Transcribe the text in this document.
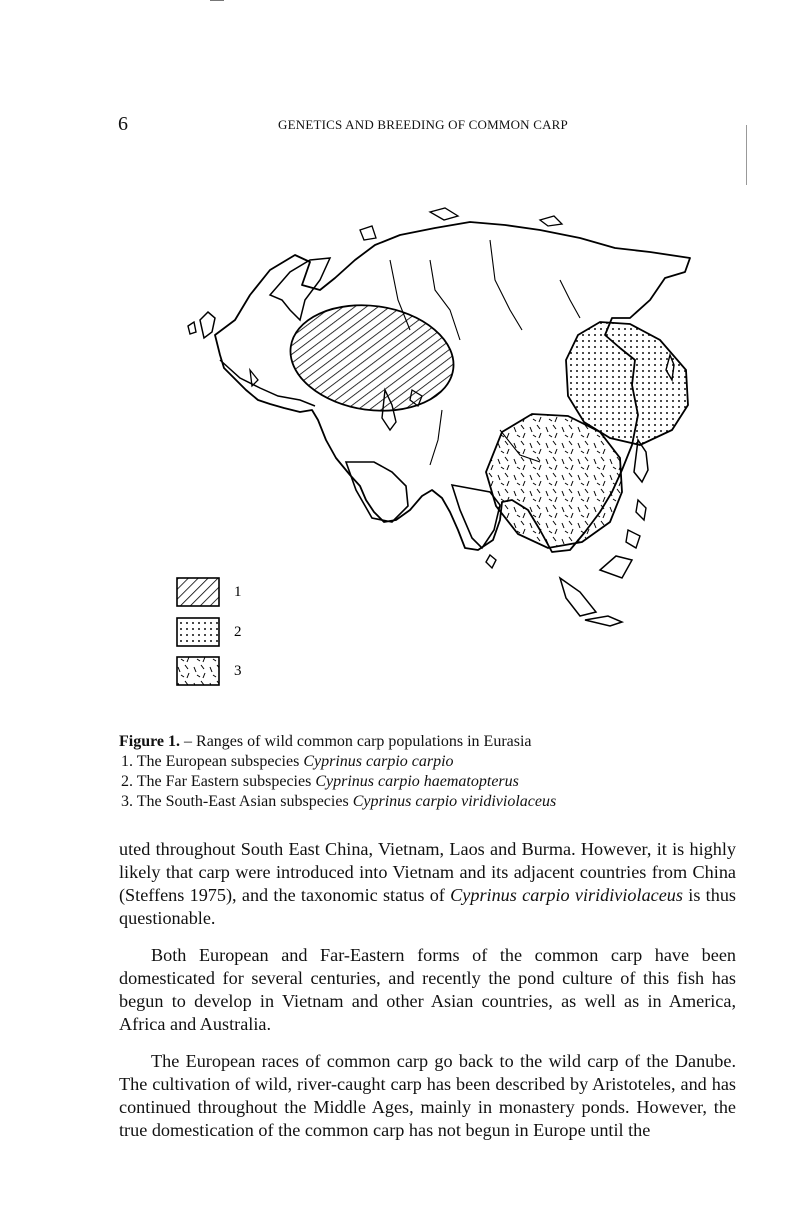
6	GENETICS AND BREEDING OF COMMON CARP
1
2
3
Figure 1. – Ranges of wild common carp populations in Eurasia
1. The European subspecies Cyprinus carpio carpio
2. The Far Eastern subspecies Cyprinus carpio haematopterus
3. The South-East Asian subspecies Cyprinus carpio viridiviolaceus

uted throughout South East China, Vietnam, Laos and Burma. However, it is highly likely that carp were introduced into Vietnam and its adjacent countries from China (Steffens 1975), and the taxonomic status of Cyprinus carpio viridiviolaceus is thus questionable.

Both European and Far-Eastern forms of the common carp have been domesticated for several centuries, and recently the pond culture of this fish has begun to develop in Vietnam and other Asian countries, as well as in America, Africa and Australia.

The European races of common carp go back to the wild carp of the Danube. The cultivation of wild, river-caught carp has been described by Aristoteles, and has continued throughout the Middle Ages, mainly in monastery ponds. However, the true domestication of the common carp has not begun in Europe until the
